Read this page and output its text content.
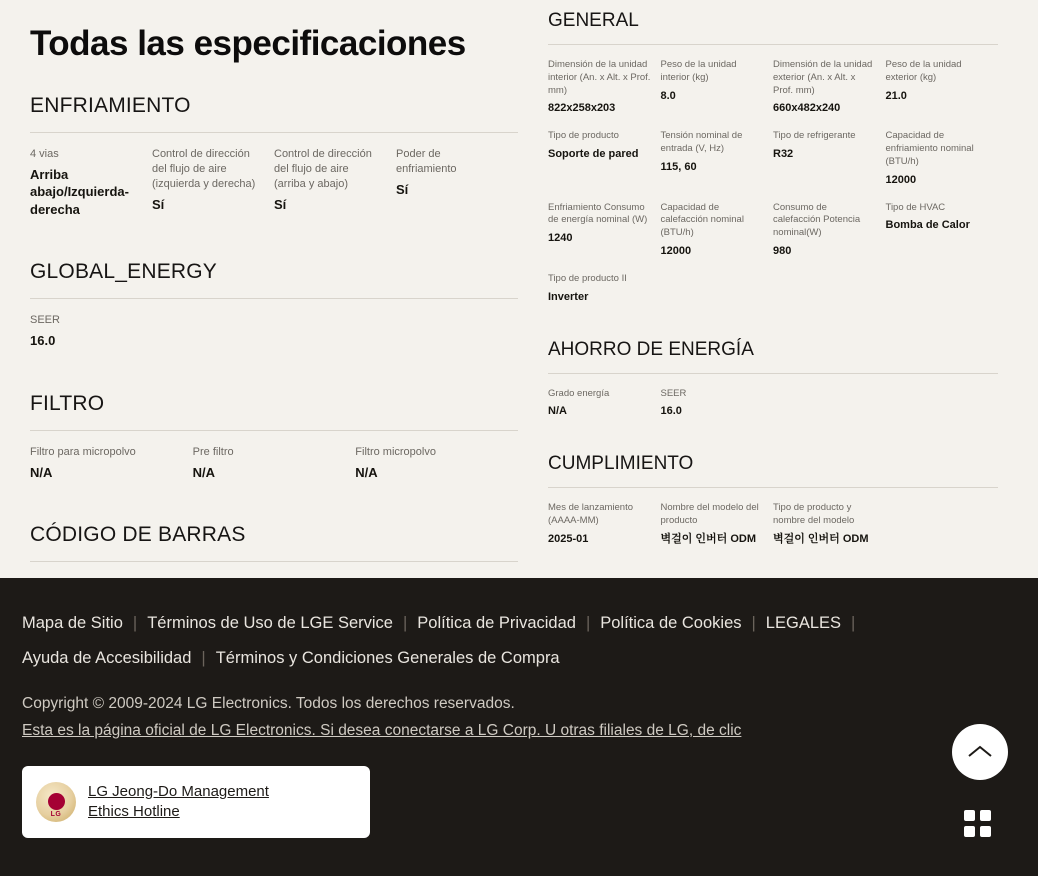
Todas las especificaciones
ENFRIAMIENTO
4 vias
Arriba abajo/Izquierda-derecha
Control de dirección del flujo de aire (izquierda y derecha)
Sí
Control de dirección del flujo de aire (arriba y abajo)
Sí
Poder de enfriamiento
Sí
GLOBAL_ENERGY
SEER
16.0
FILTRO
Filtro para micropolvo
N/A
Pre filtro
N/A
Filtro micropolvo
N/A
CÓDIGO DE BARRAS
GENERAL
Dimensión de la unidad interior (An. x Alt. x Prof. mm)
822x258x203
Peso de la unidad interior (kg)
8.0
Dimensión de la unidad exterior (An. x Alt. x Prof. mm)
660x482x240
Peso de la unidad exterior (kg)
21.0
Tipo de producto
Soporte de pared
Tensión nominal de entrada (V, Hz)
115, 60
Tipo de refrigerante
R32
Capacidad de enfriamiento nominal (BTU/h)
12000
Enfriamiento Consumo de energía nominal (W)
1240
Capacidad de calefacción nominal (BTU/h)
12000
Consumo de calefacción Potencia nominal(W)
980
Tipo de HVAC
Bomba de Calor
Tipo de producto II
Inverter
AHORRO DE ENERGÍA
Grado energía
N/A
SEER
16.0
CUMPLIMIENTO
Mes de lanzamiento (AAAA-MM)
2025-01
Nombre del modelo del producto
벽걸이 인버터 ODM
Tipo de producto y nombre del modelo
벽걸이 인버터 ODM
Mapa de Sitio | Términos de Uso de LGE Service | Política de Privacidad | Política de Cookies | LEGALES |
Ayuda de Accesibilidad | Términos y Condiciones Generales de Compra
Copyright © 2009-2024 LG Electronics. Todos los derechos reservados.
Esta es la página oficial de LG Electronics. Si desea conectarse a LG Corp. U otras filiales de LG, de clic
LG
LG Jeong-Do Management
Ethics Hotline
